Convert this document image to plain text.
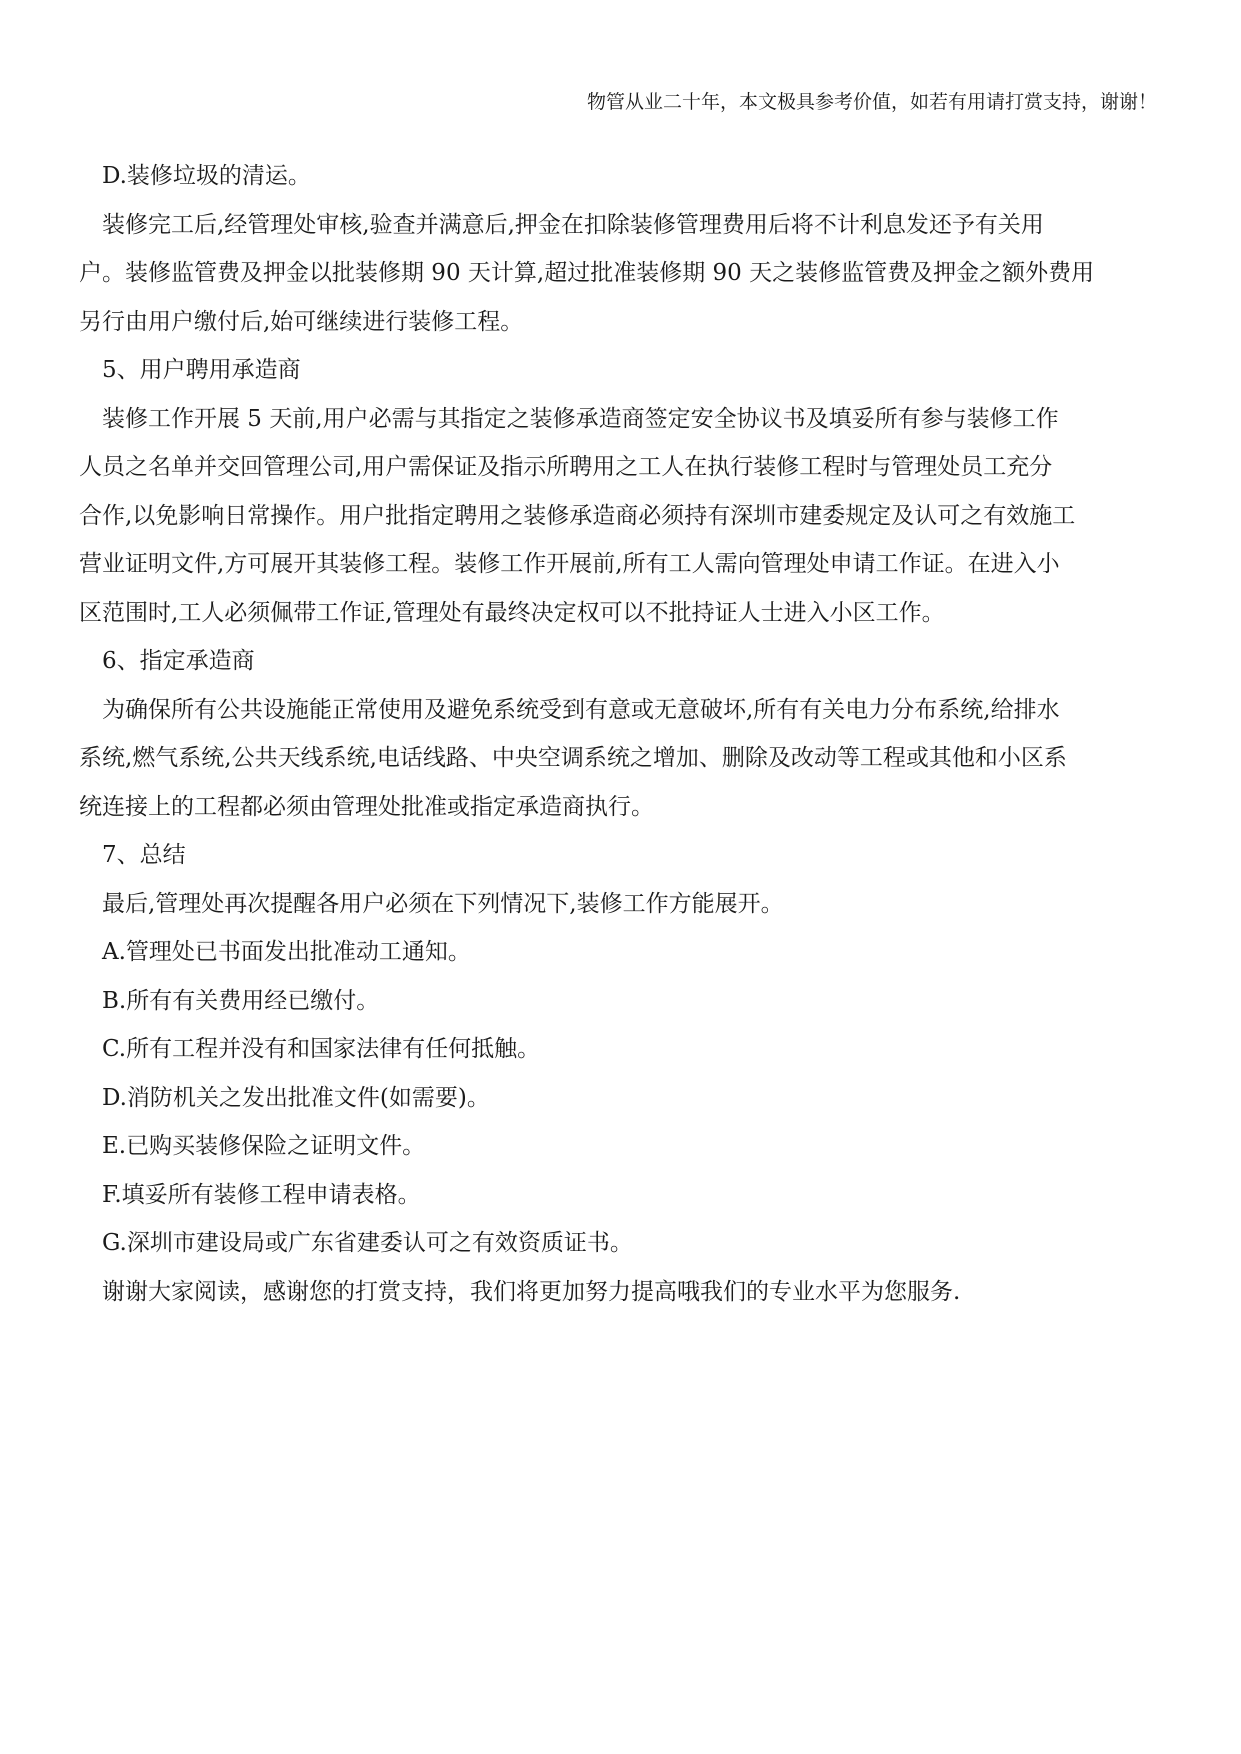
物管从业二十年，本文极具参考价值，如若有用请打赏支持，谢谢！
D.装修垃圾的清运。
装修完工后,经管理处审核,验查并满意后,押金在扣除装修管理费用后将不计利息发还予有关用
户。装修监管费及押金以批装修期 90 天计算,超过批准装修期 90 天之装修监管费及押金之额外费用
另行由用户缴付后,始可继续进行装修工程。
5、用户聘用承造商
装修工作开展 5 天前,用户必需与其指定之装修承造商签定安全协议书及填妥所有参与装修工作
人员之名单并交回管理公司,用户需保证及指示所聘用之工人在执行装修工程时与管理处员工充分
合作,以免影响日常操作。用户批指定聘用之装修承造商必须持有深圳市建委规定及认可之有效施工
营业证明文件,方可展开其装修工程。装修工作开展前,所有工人需向管理处申请工作证。在进入小
区范围时,工人必须佩带工作证,管理处有最终决定权可以不批持证人士进入小区工作。
6、指定承造商
为确保所有公共设施能正常使用及避免系统受到有意或无意破坏,所有有关电力分布系统,给排水
系统,燃气系统,公共天线系统,电话线路、中央空调系统之增加、删除及改动等工程或其他和小区系
统连接上的工程都必须由管理处批准或指定承造商执行。
7、总结
最后,管理处再次提醒各用户必须在下列情况下,装修工作方能展开。
A.管理处已书面发出批准动工通知。
B.所有有关费用经已缴付。
C.所有工程并没有和国家法律有任何抵触。
D.消防机关之发出批准文件(如需要)。
E.已购买装修保险之证明文件。
F.填妥所有装修工程申请表格。
G.深圳市建设局或广东省建委认可之有效资质证书。
谢谢大家阅读，感谢您的打赏支持，我们将更加努力提高哦我们的专业水平为您服务.
